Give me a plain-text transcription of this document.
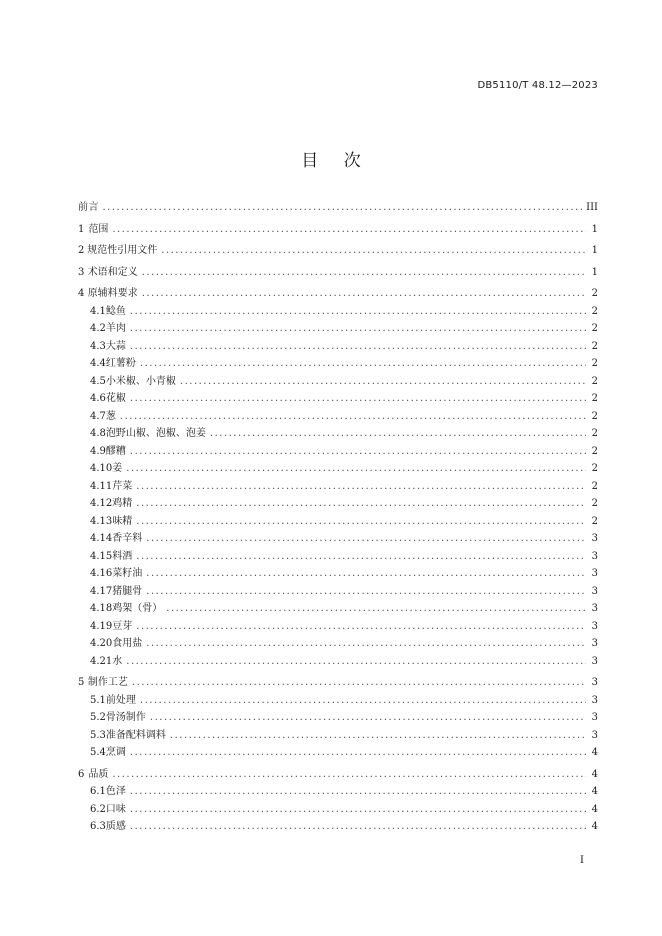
DB5110/T 48.12—2023
目 次
前 言 .....	III
1 范围 .....	1
2 规范性引用文件 .....	1
3 术语和定义 .....	1
4 原辅料要求 .....	2
4.1 鲶鱼 .....	2
4.2 羊肉 .....	2
4.3 大蒜 .....	2
4.4 红薯粉 .....	2
4.5 小米椒、小青椒 .....	2
4.6 花椒 .....	2
4.7 葱 .....	2
4.8 泡野山椒、泡椒、泡姜 .....	2
4.9 醪糟 .....	2
4.10 姜 .....	2
4.11 芹菜 .....	2
4.12 鸡精 .....	2
4.13 味精 .....	2
4.14 香辛料 .....	3
4.15 料酒 .....	3
4.16 菜籽油 .....	3
4.17 猪腿骨 .....	3
4.18 鸡架（骨） .....	3
4.19 豆芽 .....	3
4.20 食用盐 .....	3
4.21 水 .....	3
5 制作工艺 .....	3
5.1 前处理 .....	3
5.2 骨汤制作 .....	3
5.3 准备配料调料 .....	3
5.4 烹调 .....	4
6 品质 .....	4
6.1 色泽 .....	4
6.2 口味 .....	4
6.3 质感 .....	4
I
